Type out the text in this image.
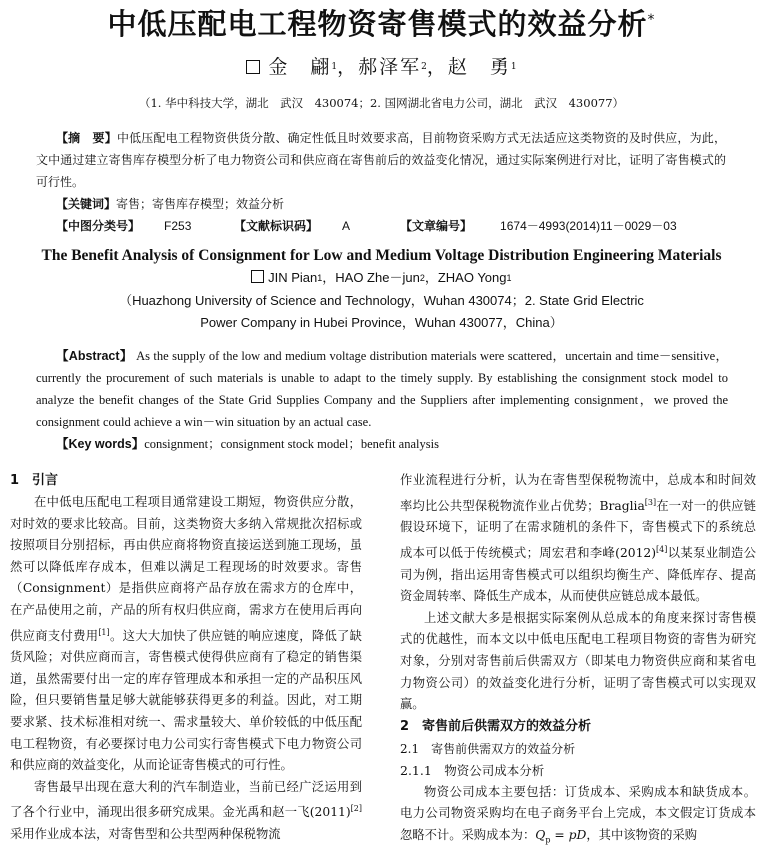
中低压配电工程物资寄售模式的效益分析*
金　翩$^1$，郝泽军$^2$，赵　勇$^1$
（1. 华中科技大学，湖北　武汉　430074；2. 国网湖北省电力公司，湖北　武汉　430077）
【摘　要】中低压配电工程物资供货分散、确定性低且时效要求高，目前物资采购方式无法适应这类物资的及时供应，为此，文中通过建立寄售库存模型分析了电力物资公司和供应商在寄售前后的效益变化情况，通过实际案例进行对比，证明了寄售模式的可行性。
【关键词】寄售；寄售库存模型；效益分析
【中图分类号】	F253	【文献标识码】	A	【文章编号】	1674－4993(2014)11－0029－03
The Benefit Analysis of Consignment for Low and Medium Voltage Distribution Engineering Materials
JIN Pian$^1$，HAO Zhe－jun$^2$，ZHAO Yong$^1$
（Huazhong University of Science and Technology，Wuhan 430074；2. State Grid Electric
Power Company in Hubei Province，Wuhan 430077，China）
【Abstract】 As the supply of the low and medium voltage distribution materials were scattered，uncertain and time－sensitive，currently the procurement of such materials is unable to adapt to the timely supply. By establishing the consignment stock model to analyze the benefit changes of the State Grid Supplies Company and the Suppliers after implementing consignment，we proved the consignment could achieve a win－win situation by an actual case.
【Key words】consignment；consignment stock model；benefit analysis
1　引言

在中低电压配电工程项目通常建设工期短，物资供应分散，对时效的要求比较高。目前，这类物资大多纳入常规批次招标或按照项目分别招标，再由供应商将物资直接运送到施工现场，虽然可以降低库存成本，但难以满足工程现场的时效要求。寄售（Consignment）是指供应商将产品存放在需求方的仓库中，在产品使用之前，产品的所有权归供应商，需求方在使用后再向供应商支付费用[1]。这大大加快了供应链的响应速度，降低了缺货风险；对供应商而言，寄售模式使得供应商有了稳定的销售渠道，虽然需要付出一定的库存管理成本和承担一定的产品积压风险，但只要销售量足够大就能够获得更多的利益。因此，对工期要求紧、技术标准相对统一、需求量较大、单价较低的中低压配电工程物资，有必要探讨电力公司实行寄售模式下电力物资公司和供应商的效益变化，从而论证寄售模式的可行性。

寄售最早出现在意大利的汽车制造业，当前已经广泛运用到了各个行业中，涌现出很多研究成果。金光禹和赵一飞(2011)[2]采用作业成本法，对寄售型和公共型两种保税物流

作业流程进行分析，认为在寄售型保税物流中，总成本和时间效率均比公共型保税物流作业占优势；Braglia[3]在一对一的供应链假设环境下，证明了在需求随机的条件下，寄售模式下的系统总成本可以低于传统模式；周宏君和李峰(2012)[4]以某泵业制造公司为例，指出运用寄售模式可以组织均衡生产、降低库存、提高资金周转率、降低生产成本，从而使供应链总成本最低。

上述文献大多是根据实际案例从总成本的角度来探讨寄售模式的优越性，而本文以中低电压配电工程项目物资的寄售为研究对象，分别对寄售前后供需双方（即某电力物资供应商和某省电力物资公司）的效益变化进行分析，证明了寄售模式可以实现双赢。

2　寄售前后供需双方的效益分析
2.1　寄售前供需双方的效益分析
2.1.1　物资公司成本分析

物资公司成本主要包括：订货成本、采购成本和缺货成本。电力公司物资采购均在电子商务平台上完成，本文假定订货成本忽略不计。采购成本为：$Q_p$ = pD，其中该物资的采购
